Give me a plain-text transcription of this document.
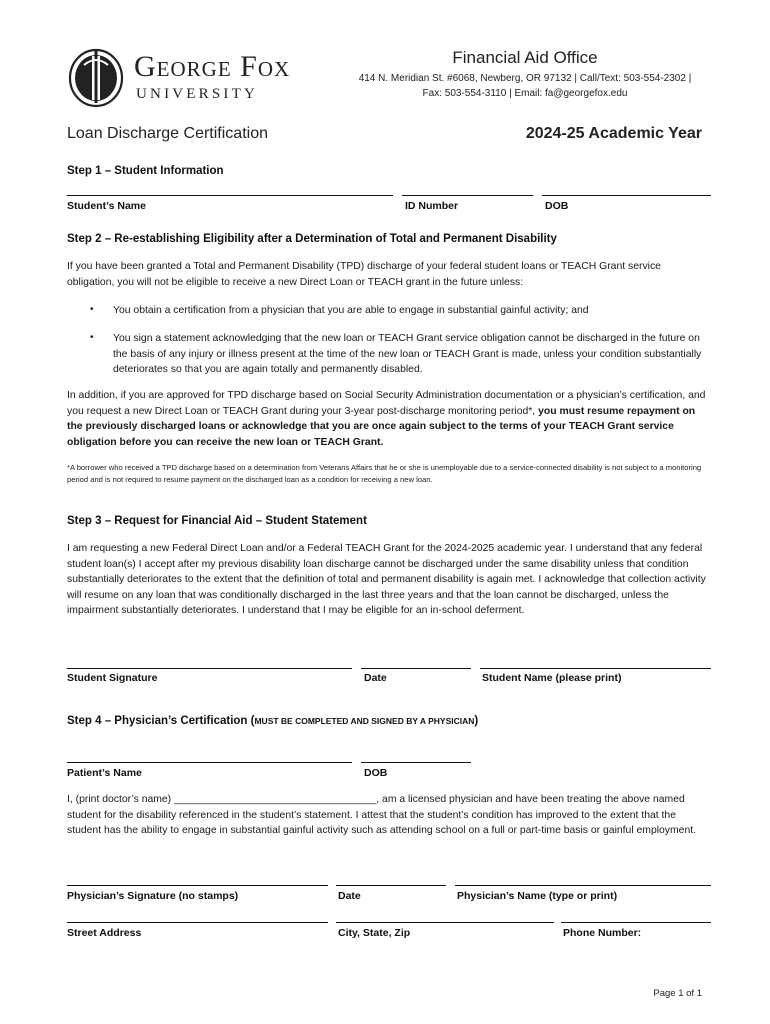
George Fox
UNIVERSITY
Financial Aid Office
414 N. Meridian St. #6068, Newberg, OR 97132 | Call/Text: 503-554-2302 |
Fax: 503-554-3110 | Email: fa@georgefox.edu
Loan Discharge Certification	2024-25 Academic Year
Step 1 – Student Information
Student’s Name	ID Number	DOB
Step 2 – Re-establishing Eligibility after a Determination of Total and Permanent Disability
If you have been granted a Total and Permanent Disability (TPD) discharge of your federal student loans or TEACH Grant service obligation, you will not be eligible to receive a new Direct Loan or TEACH grant in the future unless:
• You obtain a certification from a physician that you are able to engage in substantial gainful activity; and
• You sign a statement acknowledging that the new loan or TEACH Grant service obligation cannot be discharged in the future on the basis of any injury or illness present at the time of the new loan or TEACH Grant is made, unless your condition substantially deteriorates so that you are again totally and permanently disabled.
In addition, if you are approved for TPD discharge based on Social Security Administration documentation or a physician’s certification, and you request a new Direct Loan or TEACH Grant during your 3-year post-discharge monitoring period*, you must resume repayment on the previously discharged loans or acknowledge that you are once again subject to the terms of your TEACH Grant service obligation before you can receive the new loan or TEACH Grant.
*A borrower who received a TPD discharge based on a determination from Veterans Affairs that he or she is unemployable due to a service-connected disability is not subject to a monitoring period and is not required to resume payment on the discharged loan as a condition for receiving a new loan.
Step 3 – Request for Financial Aid – Student Statement
I am requesting a new Federal Direct Loan and/or a Federal TEACH Grant for the 2024-2025 academic year. I understand that any federal student loan(s) I accept after my previous disability loan discharge cannot be discharged under the same disability unless that condition substantially deteriorates to the extent that the definition of total and permanent disability is again met. I acknowledge that collection activity will resume on any loan that was conditionally discharged in the last three years and that the loan cannot be discharged, unless the impairment substantially deteriorates. I understand that I may be eligible for an in-school deferment.
Student Signature	Date	Student Name (please print)
Step 4 – Physician’s Certification (MUST BE COMPLETED AND SIGNED BY A PHYSICIAN)
Patient’s Name	DOB
I, (print doctor’s name) ___________________________________, am a licensed physician and have been treating the above named student for the disability referenced in the student’s statement. I attest that the student’s condition has improved to the extent that the student has the ability to engage in substantial gainful activity such as attending school on a full or part-time basis or gainful employment.
Physician’s Signature (no stamps)	Date	Physician’s Name (type or print)
Street Address	City, State, Zip	Phone Number:
Page 1 of 1
